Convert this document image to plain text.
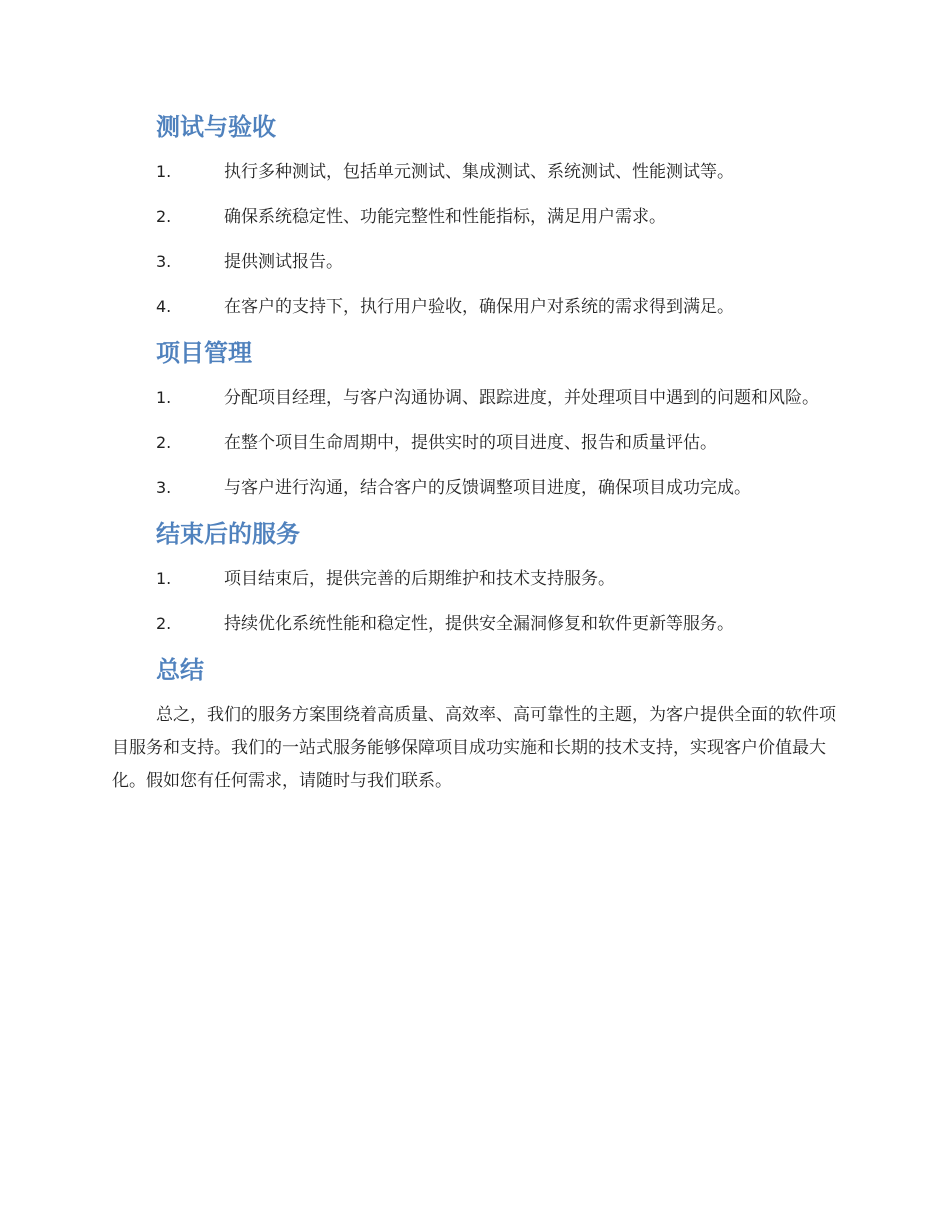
测试与验收
1.	执行多种测试，包括单元测试、集成测试、系统测试、性能测试等。
2.	确保系统稳定性、功能完整性和性能指标，满足用户需求。
3.	提供测试报告。
4.	在客户的支持下，执行用户验收，确保用户对系统的需求得到满足。
项目管理
1.	分配项目经理，与客户沟通协调、跟踪进度，并处理项目中遇到的问题和风险。
2.	在整个项目生命周期中，提供实时的项目进度、报告和质量评估。
3.	与客户进行沟通，结合客户的反馈调整项目进度，确保项目成功完成。
结束后的服务
1.	项目结束后，提供完善的后期维护和技术支持服务。
2.	持续优化系统性能和稳定性，提供安全漏洞修复和软件更新等服务。
总结

总之，我们的服务方案围绕着高质量、高效率、高可靠性的主题，为客户提供全面的软件项目服务和支持。我们的一站式服务能够保障项目成功实施和长期的技术支持，实现客户价值最大化。假如您有任何需求，请随时与我们联系。
